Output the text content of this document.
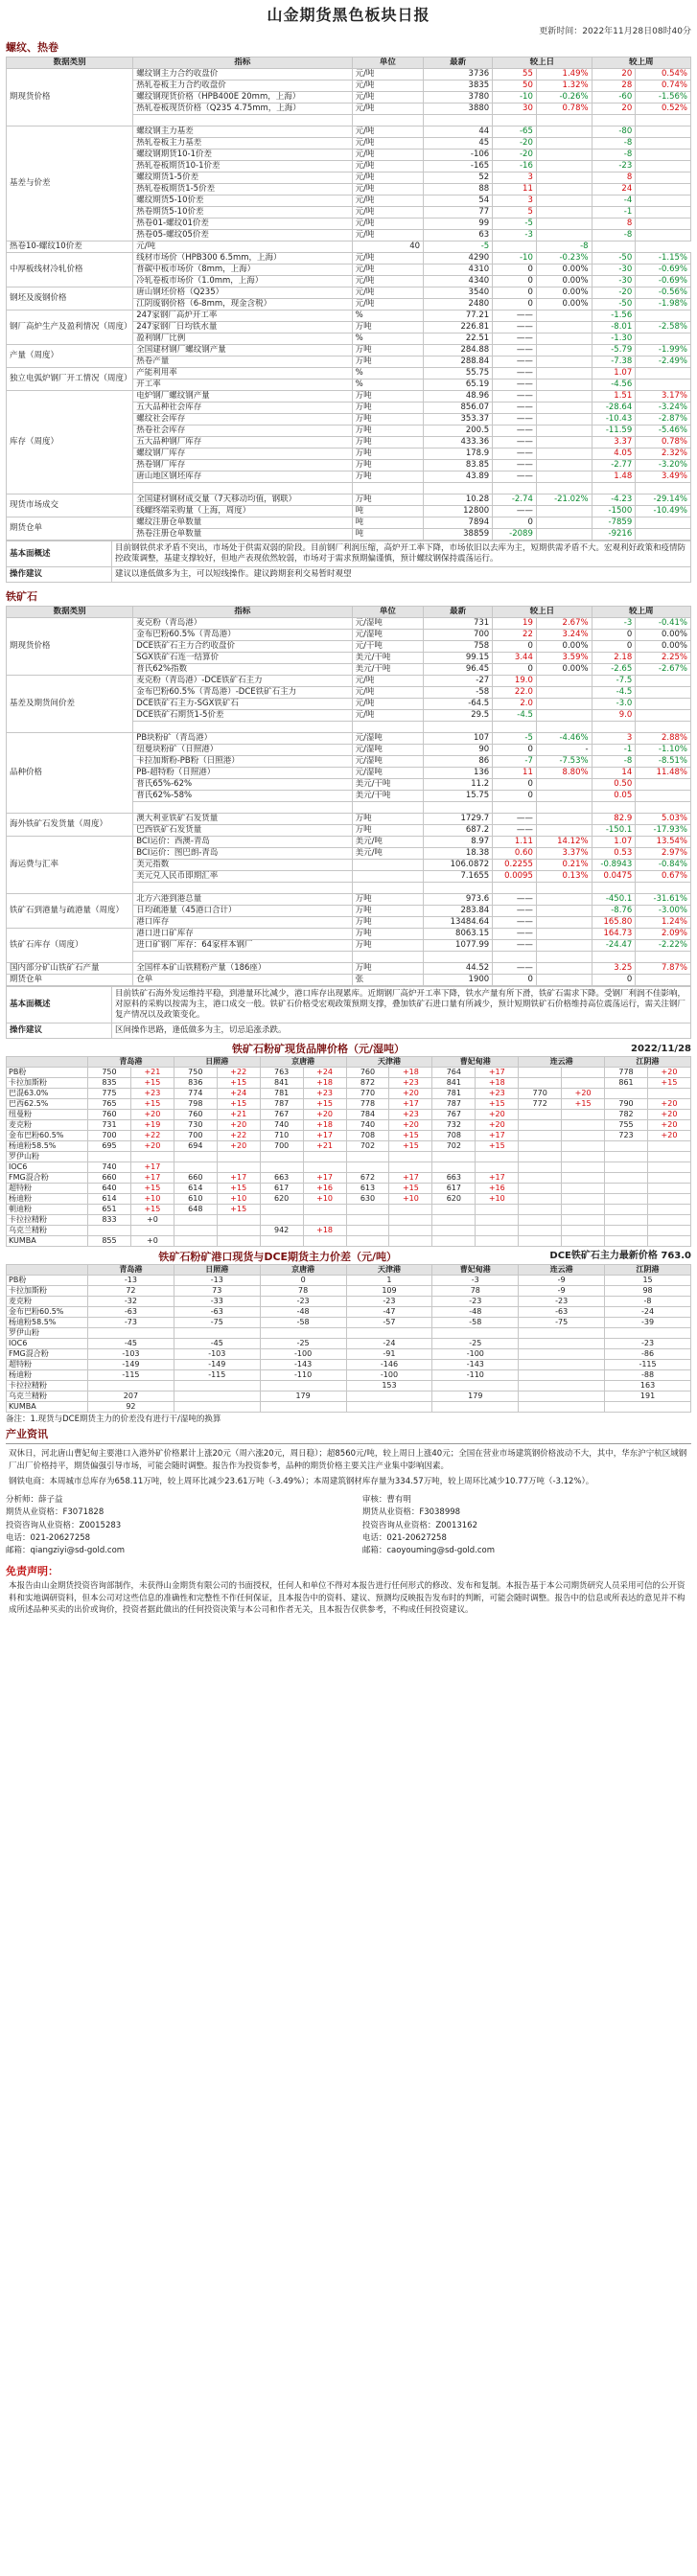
山金期货黑色板块日报
更新时间：2022年11月28日08时40分
螺纹、热卷
数据类别	指标	单位	最新	较上日		较上周	
期现货价格	螺纹钢主力合约收盘价	元/吨	3736	55	1.49%	20	0.54%
	热轧卷板主力合约收盘价	元/吨	3835	50	1.32%	28	0.74%
	螺纹钢现货价格（HPB400E 20mm，上海）	元/吨	3780	-10	-0.26%	-60	-1.56%
	热轧卷板现货价格（Q235 4.75mm，上海）	元/吨	3880	30	0.78%	20	0.52%

基差与价差	螺纹钢主力基差	元/吨	44	-65		-80	
	热轧卷板主力基差	元/吨	45	-20		-8	
	螺纹钢期货10-1价差	元/吨	-106	-20		-8	
	热轧卷板期货10-1价差	元/吨	-165	-16		-23	
	螺纹期货1-5价差	元/吨	52	3		8	
	热轧卷板期货1-5价差	元/吨	88	11		24	
	螺纹期货5-10价差	元/吨	54	3		-4	
	热卷期货5-10价差	元/吨	77	5		-1	
	热卷01-螺纹01价差	元/吨	99	-5		8	
	热卷05-螺纹05价差	元/吨	63	-3		-8	
热卷10-螺纹10价差	元/吨	40	-5		-8		
中厚板线材冷轧价格	线材市场价（HPB300 6.5mm，上海）	元/吨	4290	-10	-0.23%	-50	-1.15%
	普碳中板市场价（8mm，上海）	元/吨	4310	0	0.00%	-30	-0.69%
	冷轧卷板市场价（1.0mm，上海）	元/吨	4340	0	0.00%	-30	-0.69%
钢坯及废钢价格	唐山钢坯价格（Q235）	元/吨	3540	0	0.00%	-20	-0.56%
	江阴废钢价格（6-8mm，现金含税）	元/吨	2480	0	0.00%	-50	-1.98%
钢厂高炉生产及盈利情况（周度）	247家钢厂高炉开工率	%	77.21	——		-1.56	
	247家钢厂日均铁水量	万吨	226.81	——		-8.01	-2.58%
	盈利钢厂比例	%	22.51	——		-1.30	
产量（周度）	全国建材钢厂螺纹钢产量	万吨	284.88	——		-5.79	-1.99%
	热卷产量	万吨	288.84	——		-7.38	-2.49%
独立电弧炉钢厂开工情况（周度）	产能利用率	%	55.75	——		1.07	
	开工率	%	65.19	——		-4.56	
库存（周度）	电炉钢厂螺纹钢产量	万吨	48.96	——		1.51	3.17%
	五大品种社会库存	万吨	856.07	——		-28.64	-3.24%
	螺纹社会库存	万吨	353.37	——		-10.43	-2.87%
	热卷社会库存	万吨	200.5	——		-11.59	-5.46%
	五大品种钢厂库存	万吨	433.36	——		3.37	0.78%
	螺纹钢厂库存	万吨	178.9	——		4.05	2.32%
	热卷钢厂库存	万吨	83.85	——		-2.77	-3.20%
	唐山地区钢坯库存	万吨	43.89	——		1.48	3.49%

现货市场成交	全国建材钢材成交量（7天移动均值，钢联）	万吨	10.28	-2.74	-21.02%	-4.23	-29.14%
	线螺终端采购量（上海，周度）	吨	12800	——		-1500	-10.49%
期货仓单	螺纹注册仓单数量	吨	7894	0		-7859	
	热卷注册仓单数量	吨	38859	-2089		-9216	
基本面概述	目前钢铁供求矛盾不突出，市场处于供需双弱的阶段。目前钢厂利润压缩，高炉开工率下降，市场依旧以去库为主，短期供需矛盾不大。宏观利好政策和疫情防控政策调整，基建支撑较好，但地产表现依然较弱，市场对于需求预期偏谨慎，预计螺纹钢保持震荡运行。
操作建议	建议以逢低做多为主，可以短线操作。建议跨期套利交易暂时观望
铁矿石
数据类别	指标	单位	最新	较上日		较上周	
期现货价格	麦克粉（青岛港）	元/湿吨	731	19	2.67%	-3	-0.41%
	金布巴粉60.5%（青岛港）	元/湿吨	700	22	3.24%	0	0.00%
	DCE铁矿石主力合约收盘价	元/干吨	758	0	0.00%	0	0.00%
	SGX铁矿石连一结算价	美元/干吨	99.15	3.44	3.59%	2.18	2.25%
	普氏62%指数	美元/干吨	96.45	0	0.00%	-2.65	-2.67%
基差及期货间价差	麦克粉（青岛港）-DCE铁矿石主力	元/吨	-27	19.0		-7.5	
	金布巴粉60.5%（青岛港）-DCE铁矿石主力	元/吨	-58	22.0		-4.5	
	DCE铁矿石主力-SGX铁矿石	元/吨	-64.5	2.0		-3.0	
	DCE铁矿石期货1-5价差	元/吨	29.5	-4.5		9.0	

品种价格	PB块粉矿（青岛港）	元/湿吨	107	-5	-4.46%	3	2.88%
	纽曼块粉矿（日照港）	元/湿吨	90	0	-	-1	-1.10%
	卡拉加斯粉-PB粉（日照港）	元/湿吨	86	-7	-7.53%	-8	-8.51%
	PB-超特粉（日照港）	元/湿吨	136	11	8.80%	14	11.48%
	普氏65%-62%	美元/干吨	11.2	0		0.50	
	普氏62%-58%	美元/干吨	15.75	0		0.05	

海外铁矿石发货量（周度）	澳大利亚铁矿石发货量	万吨	1729.7	——		82.9	5.03%
	巴西铁矿石发货量	万吨	687.2	——		-150.1	-17.93%
海运费与汇率	BCI运价：西澳-青岛	美元/吨	8.97	1.11	14.12%	1.07	13.54%
	BCI运价：图巴朗-青岛	美元/吨	18.38	0.60	3.37%	0.53	2.97%
	美元指数		106.0872	0.2255	0.21%	-0.8943	-0.84%
	美元兑人民币即期汇率		7.1655	0.0095	0.13%	0.0475	0.67%

铁矿石到港量与疏港量（周度）	北方六港到港总量	万吨	973.6	——		-450.1	-31.61%
	日均疏港量（45港口合计）	万吨	283.84	——		-8.76	-3.00%
	港口库存	万吨	13484.64	——		165.80	1.24%
铁矿石库存（周度）	港口进口矿库存	万吨	8063.15	——		164.73	2.09%
	进口矿钢厂库存：64家样本钢厂	万吨	1077.99	——		-24.47	-2.22%

国内部分矿山铁矿石产量	全国样本矿山铁精粉产量（186座）	万吨	44.52	——		3.25	7.87%
期货仓单	仓单	张	1900	0		0	
基本面概述	目前铁矿石海外发运维持平稳，到港量环比减少，港口库存出现累库。近期钢厂高炉开工率下降，铁水产量有所下滑，铁矿石需求下降。受钢厂利润不佳影响，对原料的采购以按需为主，港口成交一般。铁矿石价格受宏观政策预期支撑，叠加铁矿石进口量有所减少，预计短期铁矿石价格维持高位震荡运行，需关注钢厂复产情况以及政策变化。
操作建议	区间操作思路，逢低做多为主，切忌追涨杀跌。
铁矿石粉矿现货品牌价格（元/湿吨）	2022/11/28
	青岛港		日照港		京唐港		天津港		曹妃甸港		连云港		江阴港	
PB粉	750	+21	750	+22	763	+24	760	+18	764	+17			778	+20
卡拉加斯粉	835	+15	836	+15	841	+18	872	+23	841	+18			861	+15
巴混63.0%	775	+23	774	+24	781	+23	770	+20	781	+23	770	+20		
巴西62.5%	765	+15	798	+15	787	+15	778	+17	787	+15	772	+15	790	+20
纽曼粉	760	+20	760	+21	767	+20	784	+23	767	+20			782	+20
麦克粉	731	+19	730	+20	740	+18	740	+20	732	+20			755	+20
金布巴粉60.5%	700	+22	700	+22	710	+17	708	+15	708	+17			723	+20
杨迪粉58.5%	695	+20	694	+20	700	+21	702	+15	702	+15				
罗伊山粉														
IOC6	740	+17												
FMG混合粉	660	+17	660	+17	663	+17	672	+17	663	+17				
超特粉	640	+15	614	+15	617	+16	613	+15	617	+16				
杨迪粉	614	+10	610	+10	620	+10	630	+10	620	+10				
朝迪粉	651	+15	648	+15										
卡拉拉精粉	833	+0												
乌克兰精粉					942	+18								
KUMBA	855	+0												
铁矿石粉矿港口现货与DCE期货主力价差（元/吨）	DCE铁矿石主力最新价格 763.0
	青岛港	日照港	京唐港	天津港	曹妃甸港	连云港	江阴港
PB粉	-13	-13	0	1	-3	-9	15
卡拉加斯粉	72	73	78	109	78	-9	98
麦克粉	-32	-33	-23	-23	-23	-23	-8
金布巴粉60.5%	-63	-63	-48	-47	-48	-63	-24
杨迪粉58.5%	-73	-75	-58	-57	-58	-75	-39
罗伊山粉							
IOC6	-45	-45	-25	-24	-25		-23
FMG混合粉	-103	-103	-100	-91	-100		-86
超特粉	-149	-149	-143	-146	-143		-115
杨迪粉	-115	-115	-110	-100	-110		-88
卡拉拉精粉				153			163
乌克兰精粉	207		179		179		191
KUMBA	92						
备注：1.现货与DCE期货主力的价差没有进行干/湿吨的换算
产业资讯
双休日，河北唐山曹妃甸主要港口入港外矿价格累计上涨20元（周六涨20元，周日稳）；超8560元/吨，较上周日上涨40元；全国在营业市场建筑钢价格波动不大，其中，华东沪宁杭区域钢厂出厂价格持平，期货偏强引导市场，可能会随时调整。报告作为投资参考，品种的期货价格主要关注产业集中影响因素。
钢铁电商：本周城市总库存为658.11万吨，较上周环比减少23.61万吨（-3.49%）；本周建筑钢材库存量为334.57万吨，较上周环比减少10.77万吨（-3.12%）。
分析师：薛子益
期货从业资格：F3071828
投资咨询从业资格：Z0015283
电话：021-20627258
邮箱：qiangziyi@sd-gold.com
审核：曹有明
期货从业资格：F3038998
投资咨询从业资格：Z0013162
电话：021-20627258
邮箱：caoyouming@sd-gold.com
免责声明：
本报告由山金期货投资咨询部制作，未获得山金期货有限公司的书面授权，任何人和单位不得对本报告进行任何形式的修改、发布和复制。本报告基于本公司期货研究人员采用可信的公开资料和实地调研资料，但本公司对这些信息的准确性和完整性不作任何保证，且本报告中的资料、建议、预测均反映报告发布时的判断，可能会随时调整。报告中的信息或所表达的意见并不构成所述品种买卖的出价或询价，投资者据此做出的任何投资决策与本公司和作者无关，且本报告仅供参考，不构成任何投资建议。
